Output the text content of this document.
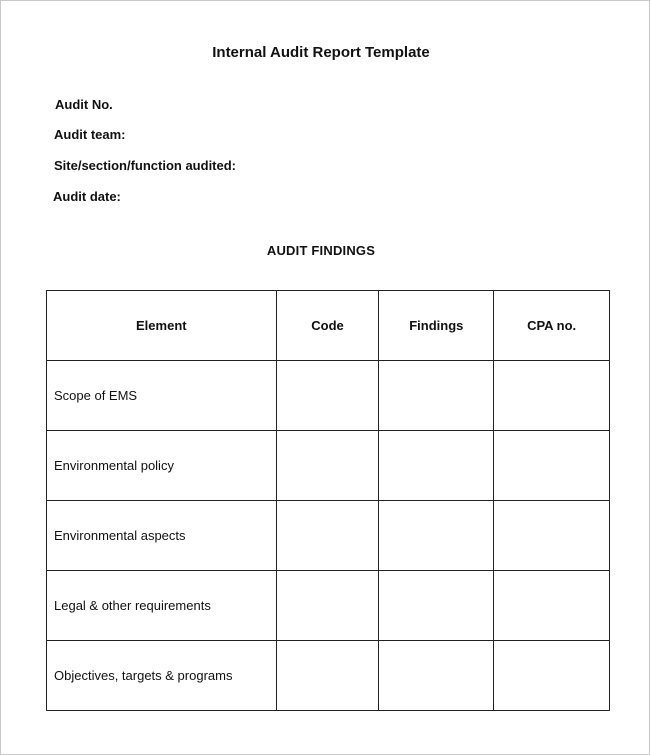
Internal Audit Report Template
Audit No.
Audit team:
Site/section/function audited:
Audit date:
AUDIT FINDINGS
Element	Code	Findings	CPA no.
Scope of EMS			
Environmental policy			
Environmental aspects			
Legal & other requirements			
Objectives, targets & programs			
